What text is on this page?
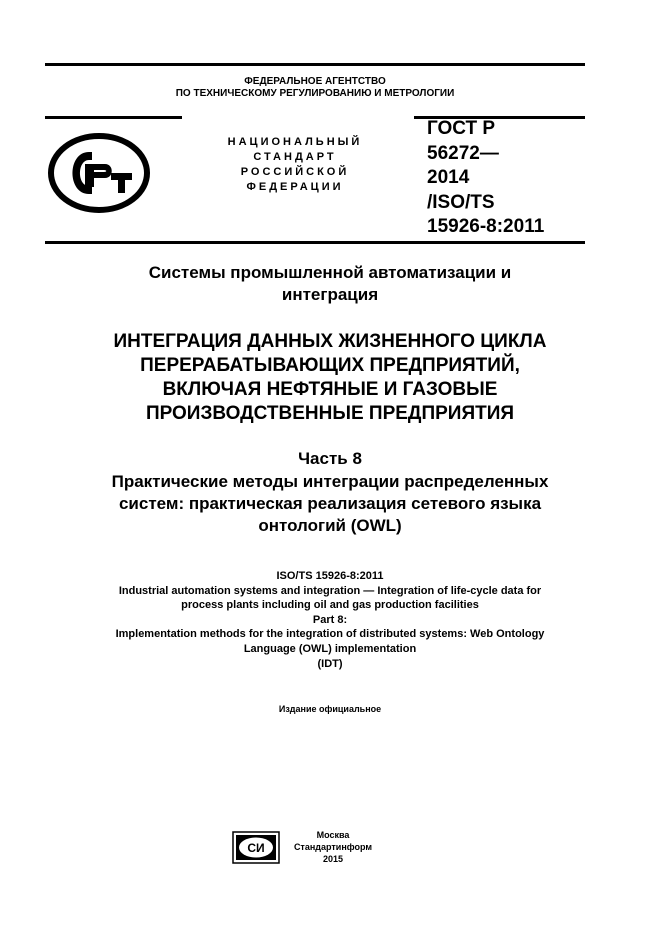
ФЕДЕРАЛЬНОЕ АГЕНТСТВО
ПО ТЕХНИЧЕСКОМУ РЕГУЛИРОВАНИЮ И МЕТРОЛОГИИ
НАЦИОНАЛЬНЫЙ
СТАНДАРТ
РОССИЙСКОЙ
ФЕДЕРАЦИИ
ГОСТ Р
56272—
2014
/ISO/TS
15926-8:2011
Системы промышленной автоматизации и
интеграция
ИНТЕГРАЦИЯ ДАННЫХ ЖИЗНЕННОГО ЦИКЛА
ПЕРЕРАБАТЫВАЮЩИХ ПРЕДПРИЯТИЙ,
ВКЛЮЧАЯ НЕФТЯНЫЕ И ГАЗОВЫЕ
ПРОИЗВОДСТВЕННЫЕ ПРЕДПРИЯТИЯ
Часть 8
Практические методы интеграции распределенных
систем: практическая реализация сетевого языка
онтологий (OWL)
ISO/TS 15926-8:2011
Industrial automation systems and integration — Integration of life-cycle data for
process plants including oil and gas production facilities
Part 8:
Implementation methods for the integration of distributed systems: Web Ontology
Language (OWL) implementation
(IDT)
Издание официальное
СИ
Москва
Стандартинформ
2015
